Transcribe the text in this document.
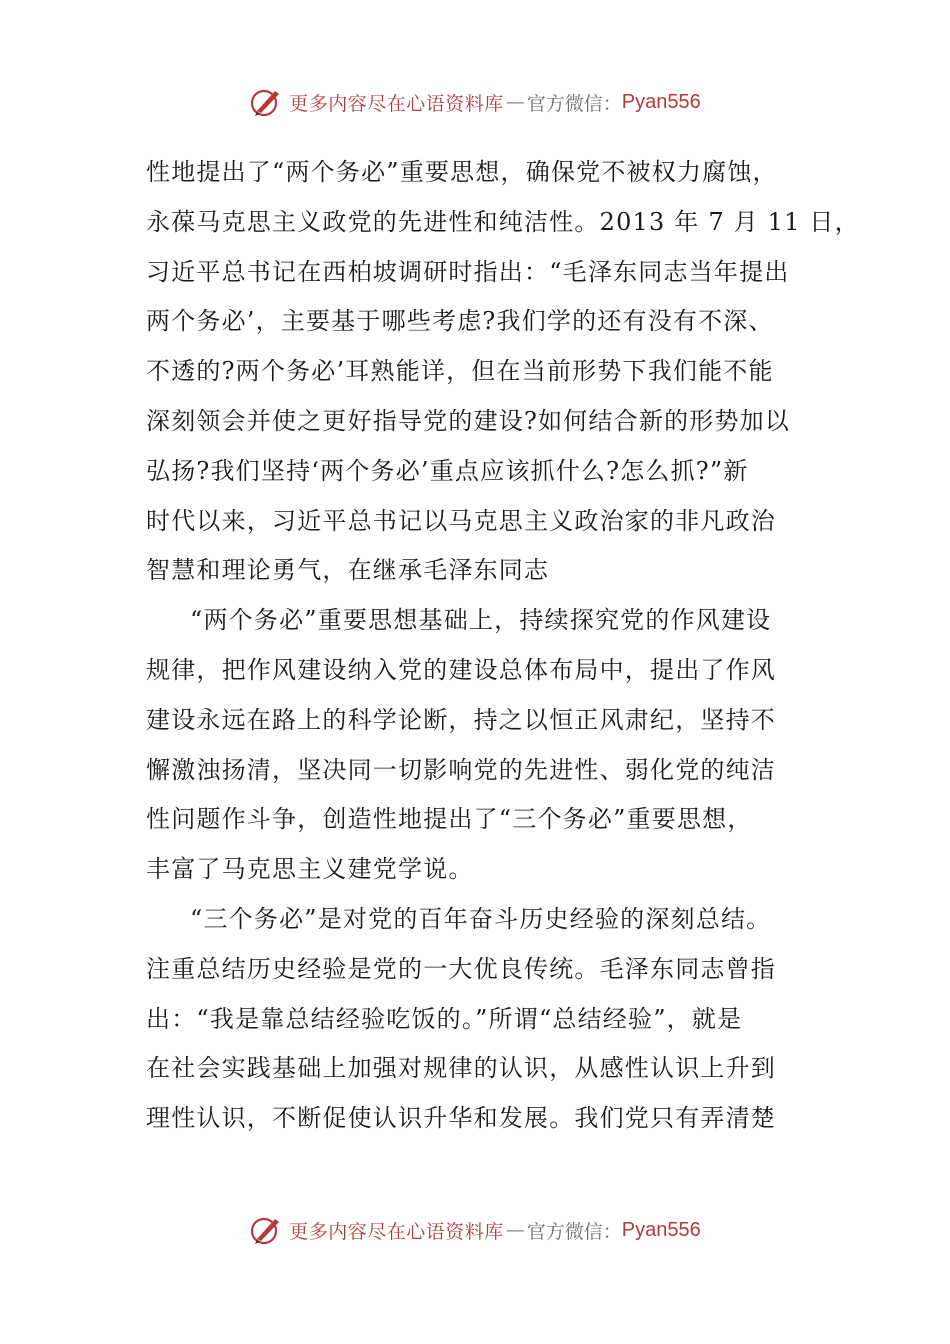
更多内容尽在心语资料库 — 官方微信： Pyan556
性地提出了“两个务必”重要思想，确保党不被权力腐蚀，
永葆马克思主义政党的先进性和纯洁性。2013 年 7 月 11 日，
习近平总书记在西柏坡调研时指出：“毛泽东同志当年提出
两个务必’，主要基于哪些考虑?我们学的还有没有不深、
不透的?两个务必’耳熟能详，但在当前形势下我们能不能
深刻领会并使之更好指导党的建设?如何结合新的形势加以
弘扬?我们坚持‘两个务必’重点应该抓什么?怎么抓?”新
时代以来，习近平总书记以马克思主义政治家的非凡政治
智慧和理论勇气，在继承毛泽东同志
“两个务必”重要思想基础上，持续探究党的作风建设
规律，把作风建设纳入党的建设总体布局中，提出了作风
建设永远在路上的科学论断，持之以恒正风肃纪，坚持不
懈激浊扬清，坚决同一切影响党的先进性、弱化党的纯洁
性问题作斗争，创造性地提出了“三个务必”重要思想，
丰富了马克思主义建党学说。
“三个务必”是对党的百年奋斗历史经验的深刻总结。
注重总结历史经验是党的一大优良传统。毛泽东同志曾指
出：“我是靠总结经验吃饭的。”所谓“总结经验”，就是
在社会实践基础上加强对规律的认识，从感性认识上升到
理性认识，不断促使认识升华和发展。我们党只有弄清楚
更多内容尽在心语资料库 — 官方微信： Pyan556
